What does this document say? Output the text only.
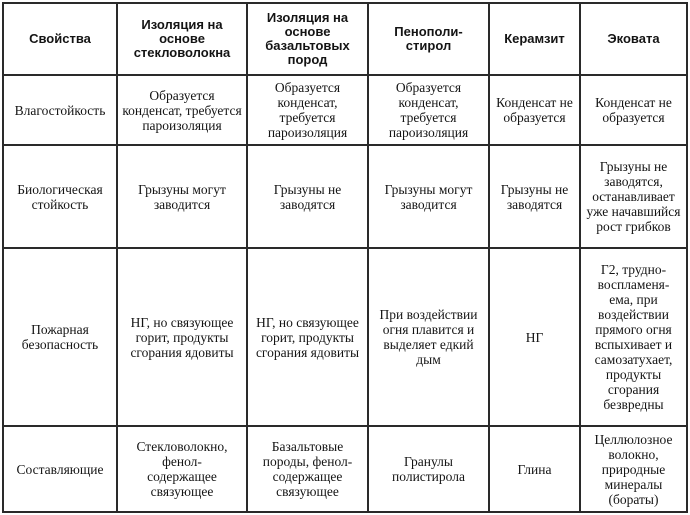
Свойства	Изоляция на основе стекловолокна	Изоляция на основе базальтовых пород	Пенополи-
стирол	Керамзит	Эковата

Влагостойкость	Образуется конденсат, требуется пароизоляция	Образуется конденсат, требуется пароизоляция	Образуется конденсат, требуется пароизоляция	Конденсат не образуется	Конденсат не образуется

Биологическая стойкость	Грызуны могут заводится	Грызуны не заводятся	Грызуны могут заводится	Грызуны не заводятся	Грызуны не заводятся, останавливает уже начавшийся рост грибков

Пожарная безопасность	НГ, но связующее горит, продукты сгорания ядовиты	НГ, но связующее горит, продукты сгорания ядовиты	При воздействии огня плавится и выделяет едкий дым	НГ	Г2, трудно-
воспламеня-
ема, при воздействии прямого огня вспыхивает и самозатухает, продукты сгорания безвредны

Составляющие	Стекловолокно, фенол-
содержащее связующее	Базальтовые породы, фенол-
содержащее связующее	Гранулы полистирола	Глина	Целлюлозное волокно, природные минералы (бораты)
